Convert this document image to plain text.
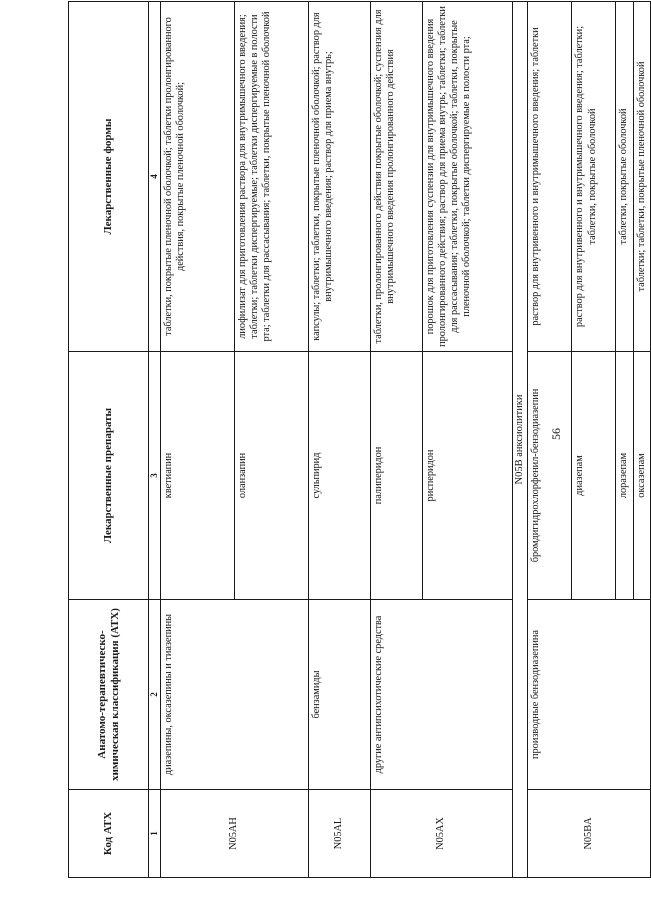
56
Код АТХ	Анатомо-терапевтическо-химическая классификация (АТХ)	Лекарственные препараты	Лекарственные формы
1	2	3	4
N05AH	диазепины, оксазепины и тиазепины	кветиапин	таблетки, покрытые пленочной оболочкой; таблетки пролонгированного действия, покрытые пленочной оболочкой;
		оланзапин	лиофилизат для приготовления раствора для внутримышечного введения; таблетки; таблетки диспергируемые; таблетки диспергируемые в полости рта; таблетки для рассасывания; таблетки, покрытые пленочной оболочкой
N05AL	бензамиды	сульпирид	капсулы; таблетки; таблетки, покрытые пленочной оболочкой; раствор для внутримышечного введения; раствор для приема внутрь;
N05AX	другие антипсихотические средства	палиперидон	таблетки, пролонгированного действия покрытые оболочкой; суспензия для внутримышечного введения пролонгированного действия
		рисперидон	порошок для приготовления суспензии для внутримышечного введения пролонгированного действия; раствор для приема внутрь; таблетки; таблетки для рассасывания; таблетки, покрытые оболочкой; таблетки, покрытые пленочной оболочкой; таблетки диспергируемые в полости рта;
N05B анксиолитики			
N05BA	производные бензодиазепина	бромдигидрохлорфенил-бензодиазепин	раствор для внутривенного и внутримышечного введения; таблетки
		диазепам	раствор для внутривенного и внутримышечного введения; таблетки; таблетки, покрытые оболочкой
		лоразепам	таблетки, покрытые оболочкой
		оксазепам	таблетки; таблетки, покрытые пленочной оболочкой
